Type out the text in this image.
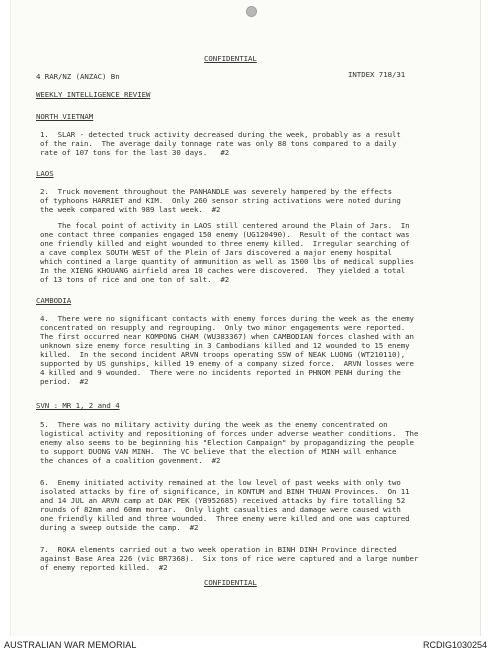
CONFIDENTIAL
4 RAR/NZ (ANZAC) Bn	INTDEX 718/31
WEEKLY INTELLIGENCE REVIEW
NORTH VIETNAM
1.  SLAR - detected truck activity decreased during the week, probably as a result
of the rain.  The average daily tonnage rate was only 88 tons compared to a daily
rate of 107 tons for the last 30 days.   #2
LAOS
2.  Truck movement throughout the PANHANDLE was severely hampered by the effects
of typhoons HARRIET and KIM.  Only 260 sensor string activations were noted during
the week compared with 989 last week.  #2
The focal point of activity in LAOS still centered around the Plain of Jars.  In
one contact three companies engaged 150 enemy (UG120490).  Result of the contact was
one friendly killed and eight wounded to three enemy killed.  Irregular searching of
a cave complex SOUTH WEST of the Plein of Jars discovered a major enemy hospital
which contined a large quantity of ammunition as well as 1500 lbs of medical supplies
In the XIENG KHOUANG airfield area 10 caches were discovered.  They yielded a total
of 13 tons of rice and one ton of salt.  #2
CAMBODIA
4.  There were no significant contacts with enemy forces during the week as the enemy
concentrated on resupply and regrouping.  Only two minor engagements were reported.
The first occurred near KOMPONG CHAM (WU383367) when CAMBODIAN forces clashed with an
unknown size enemy force resulting in 3 Cambodians killed and 12 wounded to 15 enemy
killed.  In the second incident ARVN troops operating SSW of NEAK LUONG (WT210110),
supported by US gunships, killed 19 enemy of a company sized force.  ARVN losses were
4 killed and 9 wounded.  There were no incidents reported in PHNOM PENH during the
period.  #2
SVN : MR 1, 2 and 4
5.  There was no military activity during the week as the enemy concentrated on
logistical activity and repositioning of forces under adverse weather conditions.  The
enemy also seems to be beginning his "Election Campaign" by propagandizing the people
to support DUONG VAN MINH.  The VC believe that the election of MINH will enhance
the chances of a coalition govenment.  #2
6.  Enemy initiated activity remained at the low level of past weeks with only two
isolated attacks by fire of significance, in KONTUM and BINH THUAN Provinces.  On 11
and 14 JUL an ARVN camp at DAK PEK (YB952685) received attacks by fire totalling 52
rounds of 82mm and 60mm mortar.  Only light casualties and damage were caused with
one friendly killed and three wounded.  Three enemy were killed and one was captured
during a sweep outside the camp.  #2
7.  ROKA elements carried out a two week operation in BINH DINH Province directed
against Base Area 226 (vic BR7368).  Six tons of rice were captured and a large number
of enemy reported killed.  #2
CONFIDENTIAL
AUSTRALIAN WAR MEMORIAL	RCDIG1030254
